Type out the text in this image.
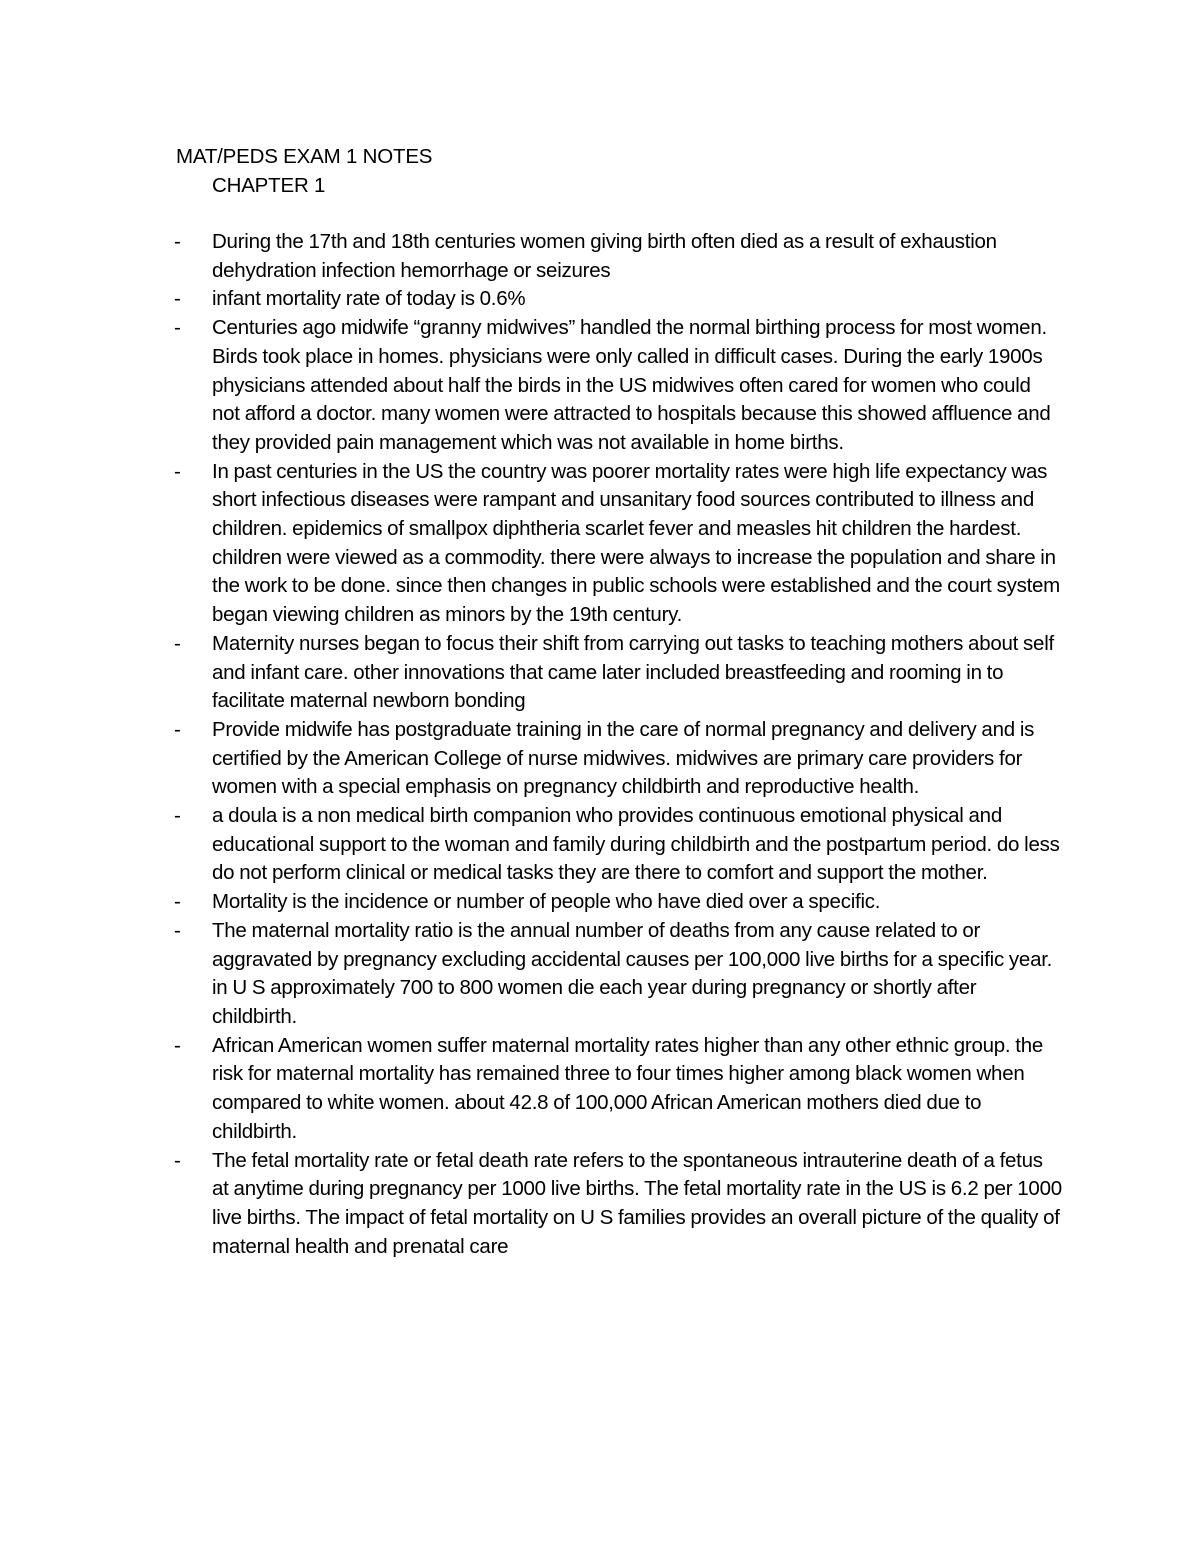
MAT/PEDS EXAM 1 NOTES
CHAPTER 1
- During the 17th and 18th centuries women giving birth often died as a result of exhaustion dehydration infection hemorrhage or seizures
- infant mortality rate of today is 0.6%
- Centuries ago midwife “granny midwives” handled the normal birthing process for most women. Birds took place in homes. physicians were only called in difficult cases. During the early 1900s physicians attended about half the birds in the US midwives often cared for women who could not afford a doctor. many women were attracted to hospitals because this showed affluence and they provided pain management which was not available in home births.
- In past centuries in the US the country was poorer mortality rates were high life expectancy was short infectious diseases were rampant and unsanitary food sources contributed to illness and children. epidemics of smallpox diphtheria scarlet fever and measles hit children the hardest. children were viewed as a commodity. there were always to increase the population and share in the work to be done. since then changes in public schools were established and the court system began viewing children as minors by the 19th century.
- Maternity nurses began to focus their shift from carrying out tasks to teaching mothers about self and infant care. other innovations that came later included breastfeeding and rooming in to facilitate maternal newborn bonding
- Provide midwife has postgraduate training in the care of normal pregnancy and delivery and is certified by the American College of nurse midwives. midwives are primary care providers for women with a special emphasis on pregnancy childbirth and reproductive health.
- a doula is a non medical birth companion who provides continuous emotional physical and educational support to the woman and family during childbirth and the postpartum period. do less do not perform clinical or medical tasks they are there to comfort and support the mother.
- Mortality is the incidence or number of people who have died over a specific.
- The maternal mortality ratio is the annual number of deaths from any cause related to or aggravated by pregnancy excluding accidental causes per 100,000 live births for a specific year. in U S approximately 700 to 800 women die each year during pregnancy or shortly after childbirth.
- African American women suffer maternal mortality rates higher than any other ethnic group. the risk for maternal mortality has remained three to four times higher among black women when compared to white women. about 42.8 of 100,000 African American mothers died due to childbirth.
- The fetal mortality rate or fetal death rate refers to the spontaneous intrauterine death of a fetus at anytime during pregnancy per 1000 live births. The fetal mortality rate in the US is 6.2 per 1000 live births. The impact of fetal mortality on U S families provides an overall picture of the quality of maternal health and prenatal care
